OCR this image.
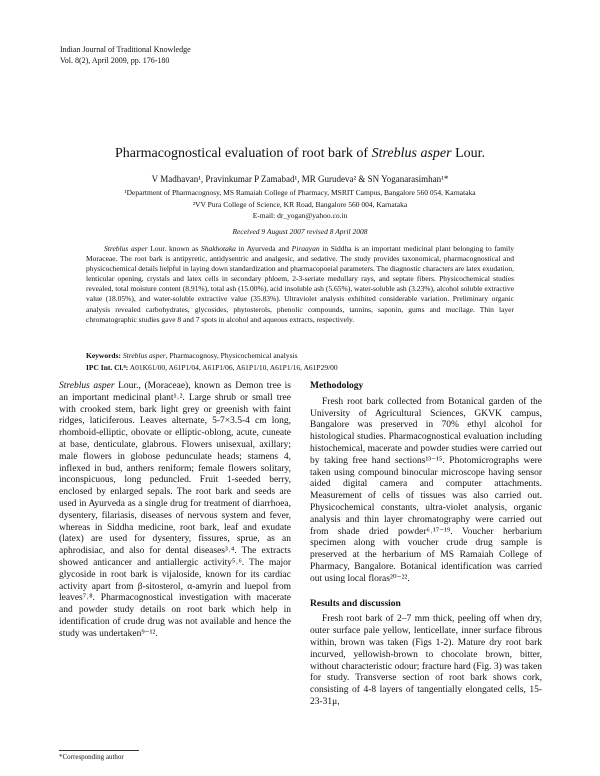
Indian Journal of Traditional Knowledge
Vol. 8(2), April 2009, pp. 176-180
Pharmacognostical evaluation of root bark of Streblus asper Lour.
V Madhavan¹, Pravinkumar P Zamabad¹, MR Gurudeva² & SN Yoganarasimhan¹*
¹Department of Pharmacognosy, MS Ramaiah College of Pharmacy, MSRIT Campus, Bangalore 560 054, Karnataka
²VV Pura College of Science, KR Road, Bangalore 560 004, Karnataka
E-mail: dr_yogan@yahoo.co.in
Received 9 August 2007 revised 8 April 2008
Streblus asper Lour. known as Shakhotaka in Ayurveda and Piraayan in Siddha is an important medicinal plant belonging to family Moraceae. The root bark is antipyretic, antidysentric and analgesic, and sedative. The study provides taxonomical, pharmacognostical and physicochemical details helpful in laying down standardization and pharmacopoeial parameters. The diagnostic characters are latex exudation, lenticular opening, crystals and latex cells in secondary phloem, 2-3-seriate medullary rays, and septate fibers. Physicochemical studies revealed, total moisture content (8.91%), total ash (15.00%), acid insoluble ash (5.65%), water-soluble ash (3.23%), alcohol soluble extractive value (18.05%), and water-soluble extractive value (35.83%). Ultraviolet analysis exhibited considerable variation. Preliminary organic analysis revealed carbohydrates, glycosides, phytosterols, phenolic compounds, tannins, saponin, gums and mucilage. Thin layer chromatographic studies gave 8 and 7 spots in alcohol and aqueous extracts, respectively.
Keywords: Streblus asper, Pharmacognosy, Physicochemical analysis
IPC Int. Cl.⁸: A01K61/00, A61P1/04, A61P1/06, A61P1/10, A61P1/16, A61P29/00

Streblus asper Lour., (Moraceae), known as Demon tree is an important medicinal plant¹˒². Large shrub or small tree with crooked stem, bark light grey or greenish with faint ridges, laticiferous. Leaves alternate, 5-7×3.5-4 cm long, rhomboid-elliptic, obovate or elliptic-oblong, acute, cuneate at base, denticulate, glabrous. Flowers unisexual, axillary; male flowers in globose pedunculate heads; stamens 4, inflexed in bud, anthers reniform; female flowers solitary, inconspicuous, long peduncled. Fruit 1-seeded berry, enclosed by enlarged sepals. The root bark and seeds are used in Ayurveda as a single drug for treatment of diarrhoea, dysentery, filariasis, diseases of nervous system and fever, whereas in Siddha medicine, root bark, leaf and exudate (latex) are used for dysentery, fissures, sprue, as an aphrodisiac, and also for dental diseases³˒⁴. The extracts showed anticancer and antiallergic activity⁵˒⁶. The major glycoside in root bark is vijaloside, known for its cardiac activity apart from β-sitosterol, α-amyrin and luepol from leaves⁷˒⁸. Pharmacognostical investigation with macerate and powder study details on root bark which help in identification of crude drug was not available and hence the study was undertaken⁹⁻¹².

Methodology

Fresh root bark collected from Botanical garden of the University of Agricultural Sciences, GKVK campus, Bangalore was preserved in 70% ethyl alcohol for histological studies. Pharmacognostical evaluation including histochemical, macerate and powder studies were carried out by taking free hand sections¹³⁻¹⁵. Photomicrographs were taken using compound binocular microscope having sensor aided digital camera and computer attachments. Measurement of cells of tissues was also carried out. Physicochemical constants, ultra-violet analysis, organic analysis and thin layer chromatography were carried out from shade dried powder⁶˒¹⁷⁻¹⁹. Voucher herbarium specimen along with voucher crude drug sample is preserved at the herbarium of MS Ramaiah College of Pharmacy, Bangalore. Botanical identification was carried out using local floras²⁰⁻²².

Results and discussion

Fresh root bark of 2–7 mm thick, peeling off when dry, outer surface pale yellow, lenticellate, inner surface fibrous within, brown was taken (Figs 1-2). Mature dry root bark incurved, yellowish-brown to chocolate brown, bitter, without characteristic odour; fracture hard (Fig. 3) was taken for study. Transverse section of root bark shows cork, consisting of 4-8 layers of tangentially elongated cells, 15-23-31μ,

*Corresponding author
